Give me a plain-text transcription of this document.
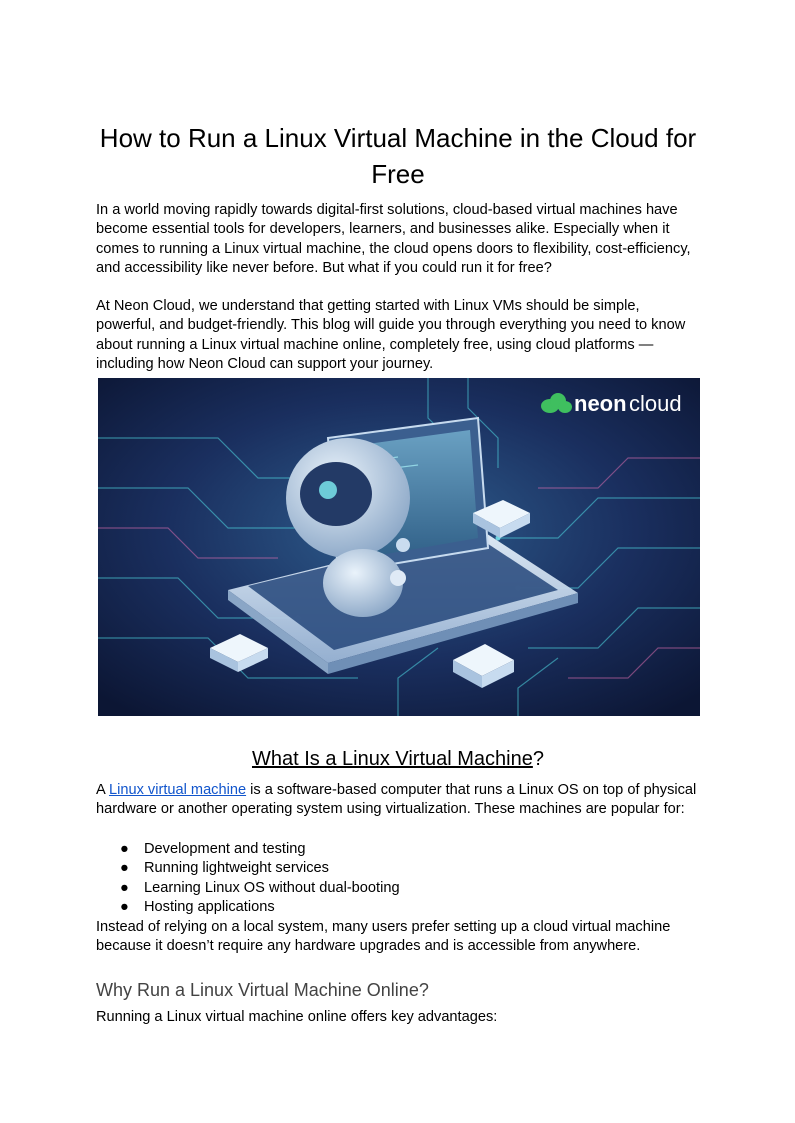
How to Run a Linux Virtual Machine in the Cloud for Free

In a world moving rapidly towards digital-first solutions, cloud-based virtual machines have become essential tools for developers, learners, and businesses alike. Especially when it comes to running a Linux virtual machine, the cloud opens doors to flexibility, cost-efficiency, and accessibility like never before. But what if you could run it for free?

At Neon Cloud, we understand that getting started with Linux VMs should be simple, powerful, and budget-friendly. This blog will guide you through everything you need to know about running a Linux virtual machine online, completely free, using cloud platforms — including how Neon Cloud can support your journey.

neon cloud
What Is a Linux Virtual Machine?

A Linux virtual machine is a software-based computer that runs a Linux OS on top of physical hardware or another operating system using virtualization. These machines are popular for:

● Development and testing
● Running lightweight services
● Learning Linux OS without dual-booting
● Hosting applications

Instead of relying on a local system, many users prefer setting up a cloud virtual machine because it doesn’t require any hardware upgrades and is accessible from anywhere.

Why Run a Linux Virtual Machine Online?

Running a Linux virtual machine online offers key advantages:
